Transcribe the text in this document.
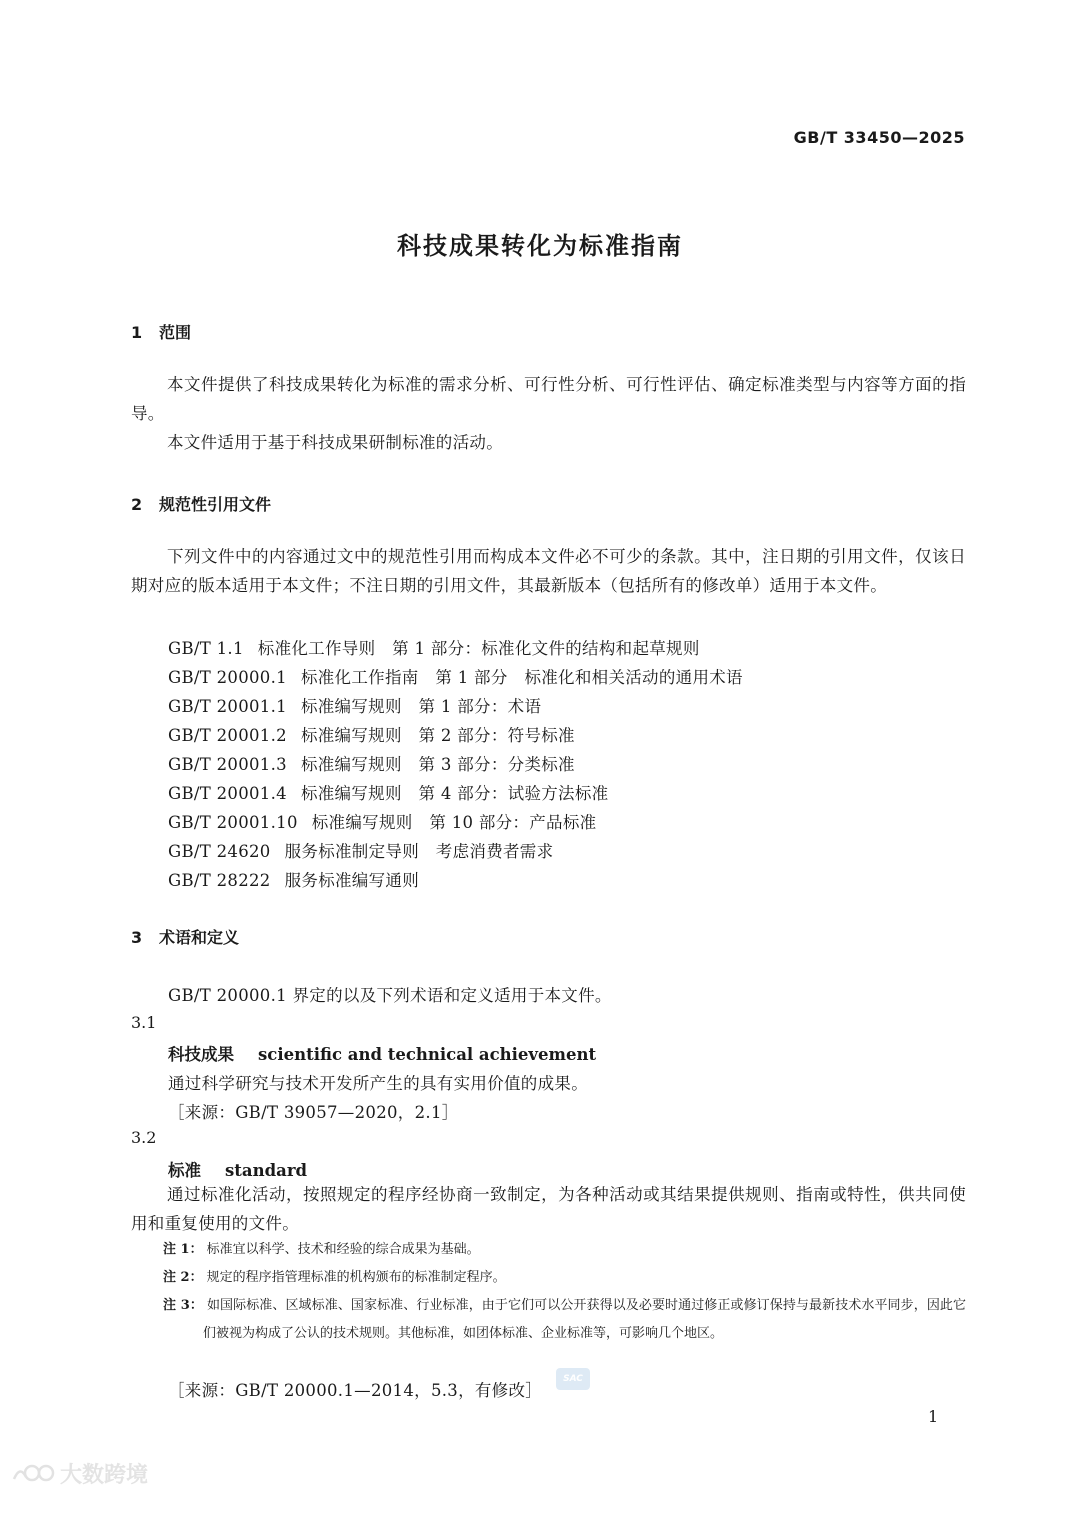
GB/T 33450—2025
科技成果转化为标准指南
1 范围
本文件提供了科技成果转化为标准的需求分析、可行性分析、可行性评估、确定标准类型与内容等方面的指导。
本文件适用于基于科技成果研制标准的活动。
2 规范性引用文件
下列文件中的内容通过文中的规范性引用而构成本文件必不可少的条款。其中，注日期的引用文件，仅该日期对应的版本适用于本文件；不注日期的引用文件，其最新版本（包括所有的修改单）适用于本文件。
GB/T 1.1 标准化工作导则　第 1 部分：标准化文件的结构和起草规则
GB/T 20000.1 标准化工作指南　第 1 部分　标准化和相关活动的通用术语
GB/T 20001.1 标准编写规则　第 1 部分：术语
GB/T 20001.2 标准编写规则　第 2 部分：符号标准
GB/T 20001.3 标准编写规则　第 3 部分：分类标准
GB/T 20001.4 标准编写规则　第 4 部分：试验方法标准
GB/T 20001.10 标准编写规则　第 10 部分：产品标准
GB/T 24620 服务标准制定导则　考虑消费者需求
GB/T 28222 服务标准编写通则
3 术语和定义
GB/T 20000.1 界定的以及下列术语和定义适用于本文件。
3.1
科技成果 scientific and technical achievement
通过科学研究与技术开发所产生的具有实用价值的成果。
［来源：GB/T 39057—2020，2.1］
3.2
标准 standard
通过标准化活动，按照规定的程序经协商一致制定，为各种活动或其结果提供规则、指南或特性，供共同使用和重复使用的文件。
注 1： 标准宜以科学、技术和经验的综合成果为基础。
注 2： 规定的程序指管理标准的机构颁布的标准制定程序。
注 3： 如国际标准、区域标准、国家标准、行业标准，由于它们可以公开获得以及必要时通过修正或修订保持与最新技术水平同步，因此它们被视为构成了公认的技术规则。其他标准，如团体标准、企业标准等，可影响几个地区。
［来源：GB/T 20000.1—2014，5.3，有修改］
SAC
1
大数跨境
